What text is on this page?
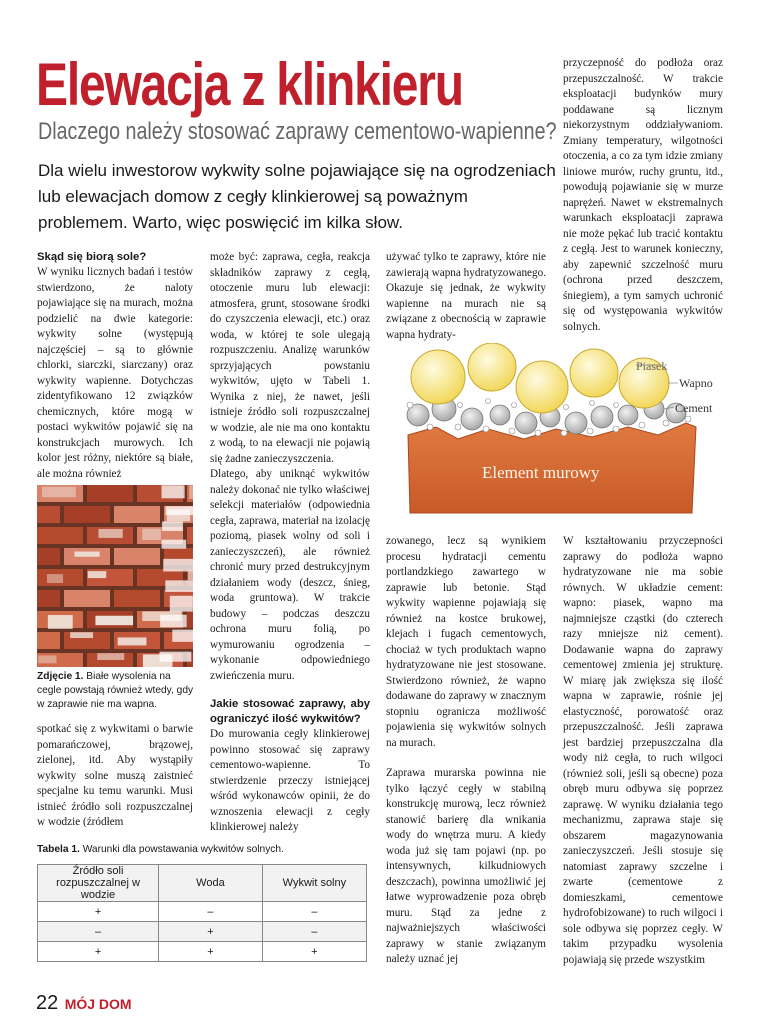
Elewacja z klinkieru
Dlaczego należy stosować zaprawy cementowo-wapienne?
Dla wielu inwestorow wykwity solne pojawiające się na ogrodzeniach lub elewacjach domow z cegły klinkierowej są poważnym problemem. Warto, więc poswięcić im kilka słow.
Skąd się biorą sole?

W wyniku licznych badań i testów stwierdzono, że naloty pojawiające się na murach, można podzielić na dwie kategorie: wykwity solne (występują najczęściej – są to głównie chlorki, siarczki, siarczany) oraz wykwity wapienne. Dotychczas zidentyfikowano 12 związków chemicznych, które mogą w postaci wykwitów pojawić się na konstrukcjach murowych. Ich kolor jest różny, niektóre są białe, ale można również

Zdjęcie 1. Białe wysolenia na cegle powstają również wtedy, gdy w zaprawie nie ma wapna.

spotkać się z wykwitami o barwie pomarańczowej, brązowej, zielonej, itd. Aby wystąpiły wykwity solne muszą zaistnieć specjalne ku temu warunki. Musi istnieć źródło soli rozpuszczalnej w wodzie (źródłem

może być: zaprawa, cegła, reakcja składników zaprawy z cegłą, otoczenie muru lub elewacji: atmosfera, grunt, stosowane środki do czyszczenia elewacji, etc.) oraz woda, w której te sole ulegają rozpuszczeniu. Analizę warunków sprzyjających powstaniu wykwitów, ujęto w Tabeli 1. Wynika z niej, że nawet, jeśli istnieje źródło soli rozpuszczalnej w wodzie, ale nie ma ono kontaktu z wodą, to na elewacji nie pojawią się żadne zanieczyszczenia.

Dlatego, aby uniknąć wykwitów należy dokonać nie tylko właściwej selekcji materiałów (odpowiednia cegła, zaprawa, materiał na izolację poziomą, piasek wolny od soli i zanieczyszczeń), ale również chronić mury przed destrukcyjnym działaniem wody (deszcz, śnieg, woda gruntowa). W trakcie budowy – podczas deszczu ochrona muru folią, po wymurowaniu ogrodzenia – wykonanie odpowiedniego zwieńczenia muru.

Jakie stosować zaprawy, aby ograniczyć ilość wykwitów?

Do murowania cegły klinkierowej powinno stosować się zaprawy cementowo-wapienne. To stwierdzenie przeczy istniejącej wśród wykonawców opinii, że do wznoszenia elewacji z cegły klinkierowej należy

używać tylko te zaprawy, które nie zawierają wapna hydratyzowanego. Okazuje się jednak, że wykwity wapienne na murach nie są związane z obecnością w zaprawie wapna hydraty-

przyczepność do podłoża oraz przepuszczalność. W trakcie eksploatacji budynków mury poddawane są licznym niekorzystnym oddziaływaniom. Zmiany temperatury, wilgotności otoczenia, a co za tym idzie zmiany liniowe murów, ruchy gruntu, itd., powodują pojawianie się w murze naprężeń. Nawet w ekstremalnych warunkach eksploatacji zaprawa nie może pękać lub tracić kontaktu z cegłą. Jest to warunek konieczny, aby zapewnić szczelność muru (ochrona przed deszczem, śniegiem), a tym samych uchronić się od występowania wykwitów solnych.

Piasek
Wapno
Cement
Element murowy

zowanego, lecz są wynikiem procesu hydratacji cementu portlandzkiego zawartego w zaprawie lub betonie. Stąd wykwity wapienne pojawiają się również na kostce brukowej, klejach i fugach cementowych, chociaż w tych produktach wapno hydratyzowane nie jest stosowane. Stwierdzono również, że wapno dodawane do zaprawy w znacznym stopniu ogranicza możliwość pojawienia się wykwitów solnych na murach.

Zaprawa murarska powinna nie tylko łączyć cegły w stabilną konstrukcję murową, lecz również stanowić barierę dla wnikania wody do wnętrza muru. A kiedy woda już się tam pojawi (np. po intensywnych, kilkudniowych deszczach), powinna umożliwić jej łatwe wyprowadzenie poza obręb muru. Stąd za jedne z najważniejszych właściwości zaprawy w stanie związanym należy uznać jej

W kształtowaniu przyczepności zaprawy do podłoża wapno hydratyzowane nie ma sobie równych. W układzie cement: wapno: piasek, wapno ma najmniejsze cząstki (do czterech razy mniejsze niż cement). Dodawanie wapna do zaprawy cementowej zmienia jej strukturę. W miarę jak zwiększa się ilość wapna w zaprawie, rośnie jej elastyczność, porowatość oraz przepuszczalność. Jeśli zaprawa jest bardziej przepuszczalna dla wody niż cegła, to ruch wilgoci (również soli, jeśli są obecne) poza obręb muru odbywa się poprzez zaprawę. W wyniku działania tego mechanizmu, zaprawa staje się obszarem magazynowania zanieczyszczeń. Jeśli stosuje się natomiast zaprawy szczelne i zwarte (cementowe z domieszkami, cementowe hydrofobizowane) to ruch wilgoci i sole odbywa się poprzez cegły. W takim przypadku wysolenia pojawiają się przede wszystkim

Tabela 1. Warunki dla powstawania wykwitów solnych.
Źródło soli rozpuszczalnej w wodzie	Woda	Wykwit solny
+	–	–
–	+	–
+	+	+
22 MÓJ DOM
